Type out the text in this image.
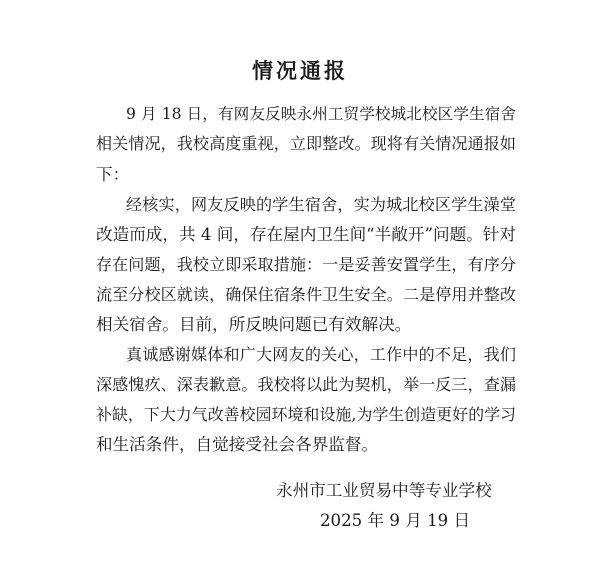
情况通报
9 月 18 日，有网友反映永州工贸学校城北校区学生宿舍
相关情况，我校高度重视，立即整改。现将有关情况通报如
下：
经核实，网友反映的学生宿舍，实为城北校区学生澡堂
改造而成，共 4 间，存在屋内卫生间“半敞开”问题。针对
存在问题，我校立即采取措施：一是妥善安置学生，有序分
流至分校区就读，确保住宿条件卫生安全。二是停用并整改
相关宿舍。目前，所反映问题已有效解决。
真诚感谢媒体和广大网友的关心，工作中的不足，我们
深感愧疚、深表歉意。我校将以此为契机，举一反三，查漏
补缺，下大力气改善校园环境和设施,为学生创造更好的学习
和生活条件，自觉接受社会各界监督。
永州市工业贸易中等专业学校
2025 年 9 月 19 日
